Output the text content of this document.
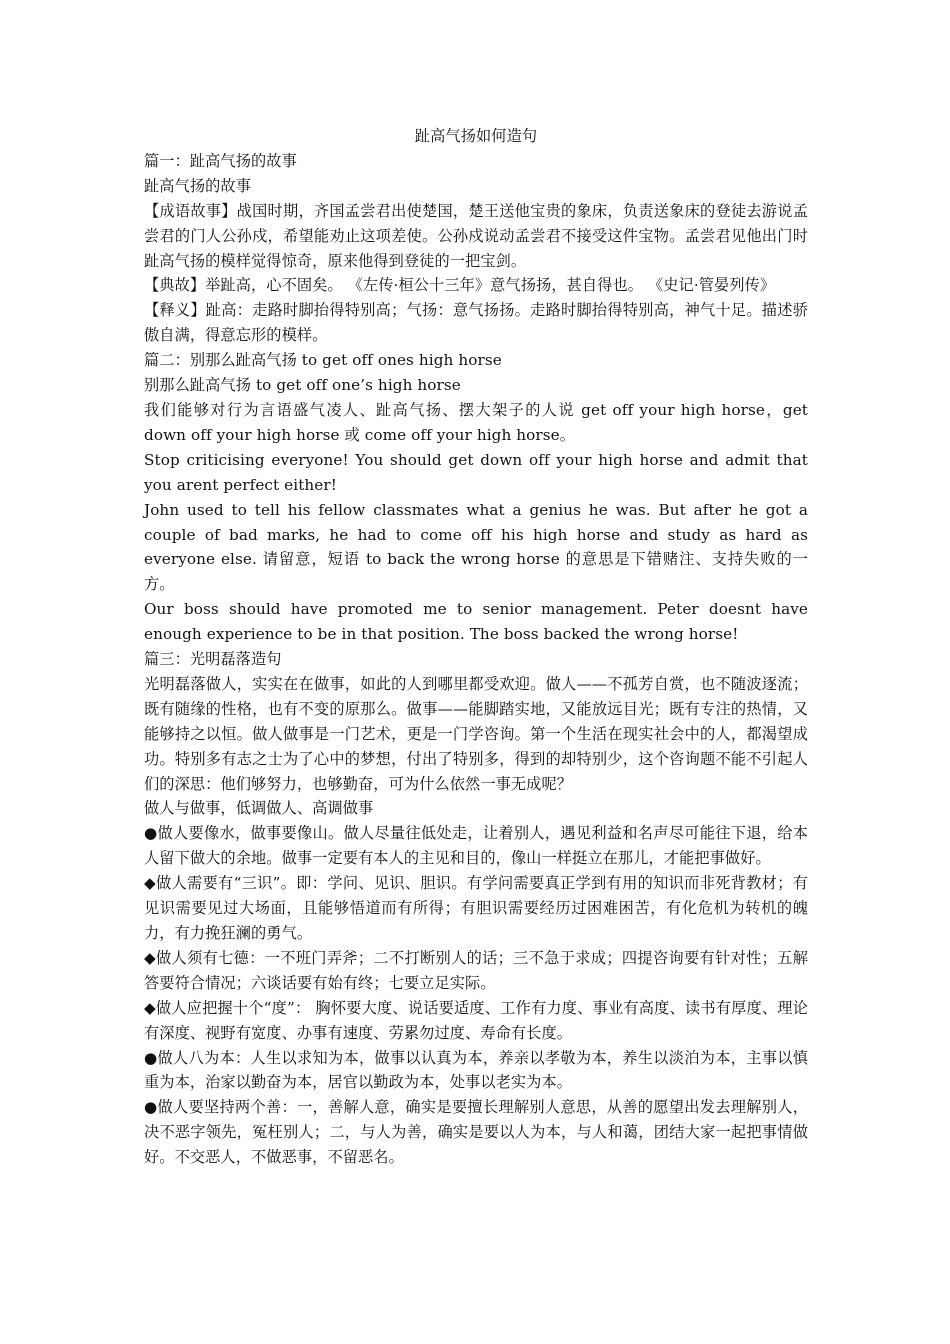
趾高气扬如何造句

篇一：趾高气扬的故事

趾高气扬的故事

【成语故事】战国时期，齐国孟尝君出使楚国，楚王送他宝贵的象床，负责送象床的登徒去游说孟尝君的门人公孙戍，希望能劝止这项差使。公孙戍说动孟尝君不接受这件宝物。孟尝君见他出门时趾高气扬的模样觉得惊奇，原来他得到登徒的一把宝剑。

【典故】举趾高，心不固矣。 《左传·桓公十三年》意气扬扬，甚自得也。 《史记·管晏列传》

【释义】趾高：走路时脚抬得特别高；气扬：意气扬扬。走路时脚抬得特别高，神气十足。描述骄傲自满，得意忘形的模样。

篇二：别那么趾高气扬 to get off ones high horse

别那么趾高气扬 to get off one’s high horse

我们能够对行为言语盛气凌人、趾高气扬、摆大架子的人说 get off your high horse，get down off your high horse 或 come off your high horse。

Stop criticising everyone! You should get down off your high horse and admit that you arent perfect either!

John used to tell his fellow classmates what a genius he was. But after he got a couple of bad marks, he had to come off his high horse and study as hard as everyone else. 请留意，短语 to back the wrong horse 的意思是下错赌注、支持失败的一方。

Our boss should have promoted me to senior management. Peter doesnt have enough experience to be in that position. The boss backed the wrong horse!

篇三：光明磊落造句

光明磊落做人，实实在在做事，如此的人到哪里都受欢迎。做人——不孤芳自赏，也不随波逐流；既有随缘的性格，也有不变的原那么。做事——能脚踏实地，又能放远目光；既有专注的热情，又能够持之以恒。做人做事是一门艺术，更是一门学咨询。第一个生活在现实社会中的人，都渴望成功。特别多有志之士为了心中的梦想，付出了特别多，得到的却特别少，这个咨询题不能不引起人们的深思：他们够努力，也够勤奋，可为什么依然一事无成呢？

做人与做事，低调做人、高调做事

●做人要像水，做事要像山。做人尽量往低处走，让着别人，遇见利益和名声尽可能往下退，给本人留下做大的余地。做事一定要有本人的主见和目的，像山一样挺立在那儿，才能把事做好。

◆做人需要有“三识”。即：学问、见识、胆识。有学问需要真正学到有用的知识而非死背教材；有见识需要见过大场面，且能够悟道而有所得；有胆识需要经历过困难困苦，有化危机为转机的魄力，有力挽狂澜的勇气。

◆做人须有七德：一不班门弄斧；二不打断别人的话；三不急于求成；四提咨询要有针对性；五解答要符合情况；六谈话要有始有终；七要立足实际。

◆做人应把握十个“度”： 胸怀要大度、说话要适度、工作有力度、事业有高度、读书有厚度、理论有深度、视野有宽度、办事有速度、劳累勿过度、寿命有长度。

●做人八为本：人生以求知为本，做事以认真为本，养亲以孝敬为本，养生以淡泊为本，主事以慎重为本，治家以勤奋为本，居官以勤政为本，处事以老实为本。

●做人要坚持两个善：一，善解人意，确实是要擅长理解别人意思，从善的愿望出发去理解别人，决不恶字领先，冤枉别人；二，与人为善，确实是要以人为本，与人和蔼，团结大家一起把事情做好。不交恶人，不做恶事，不留恶名。
